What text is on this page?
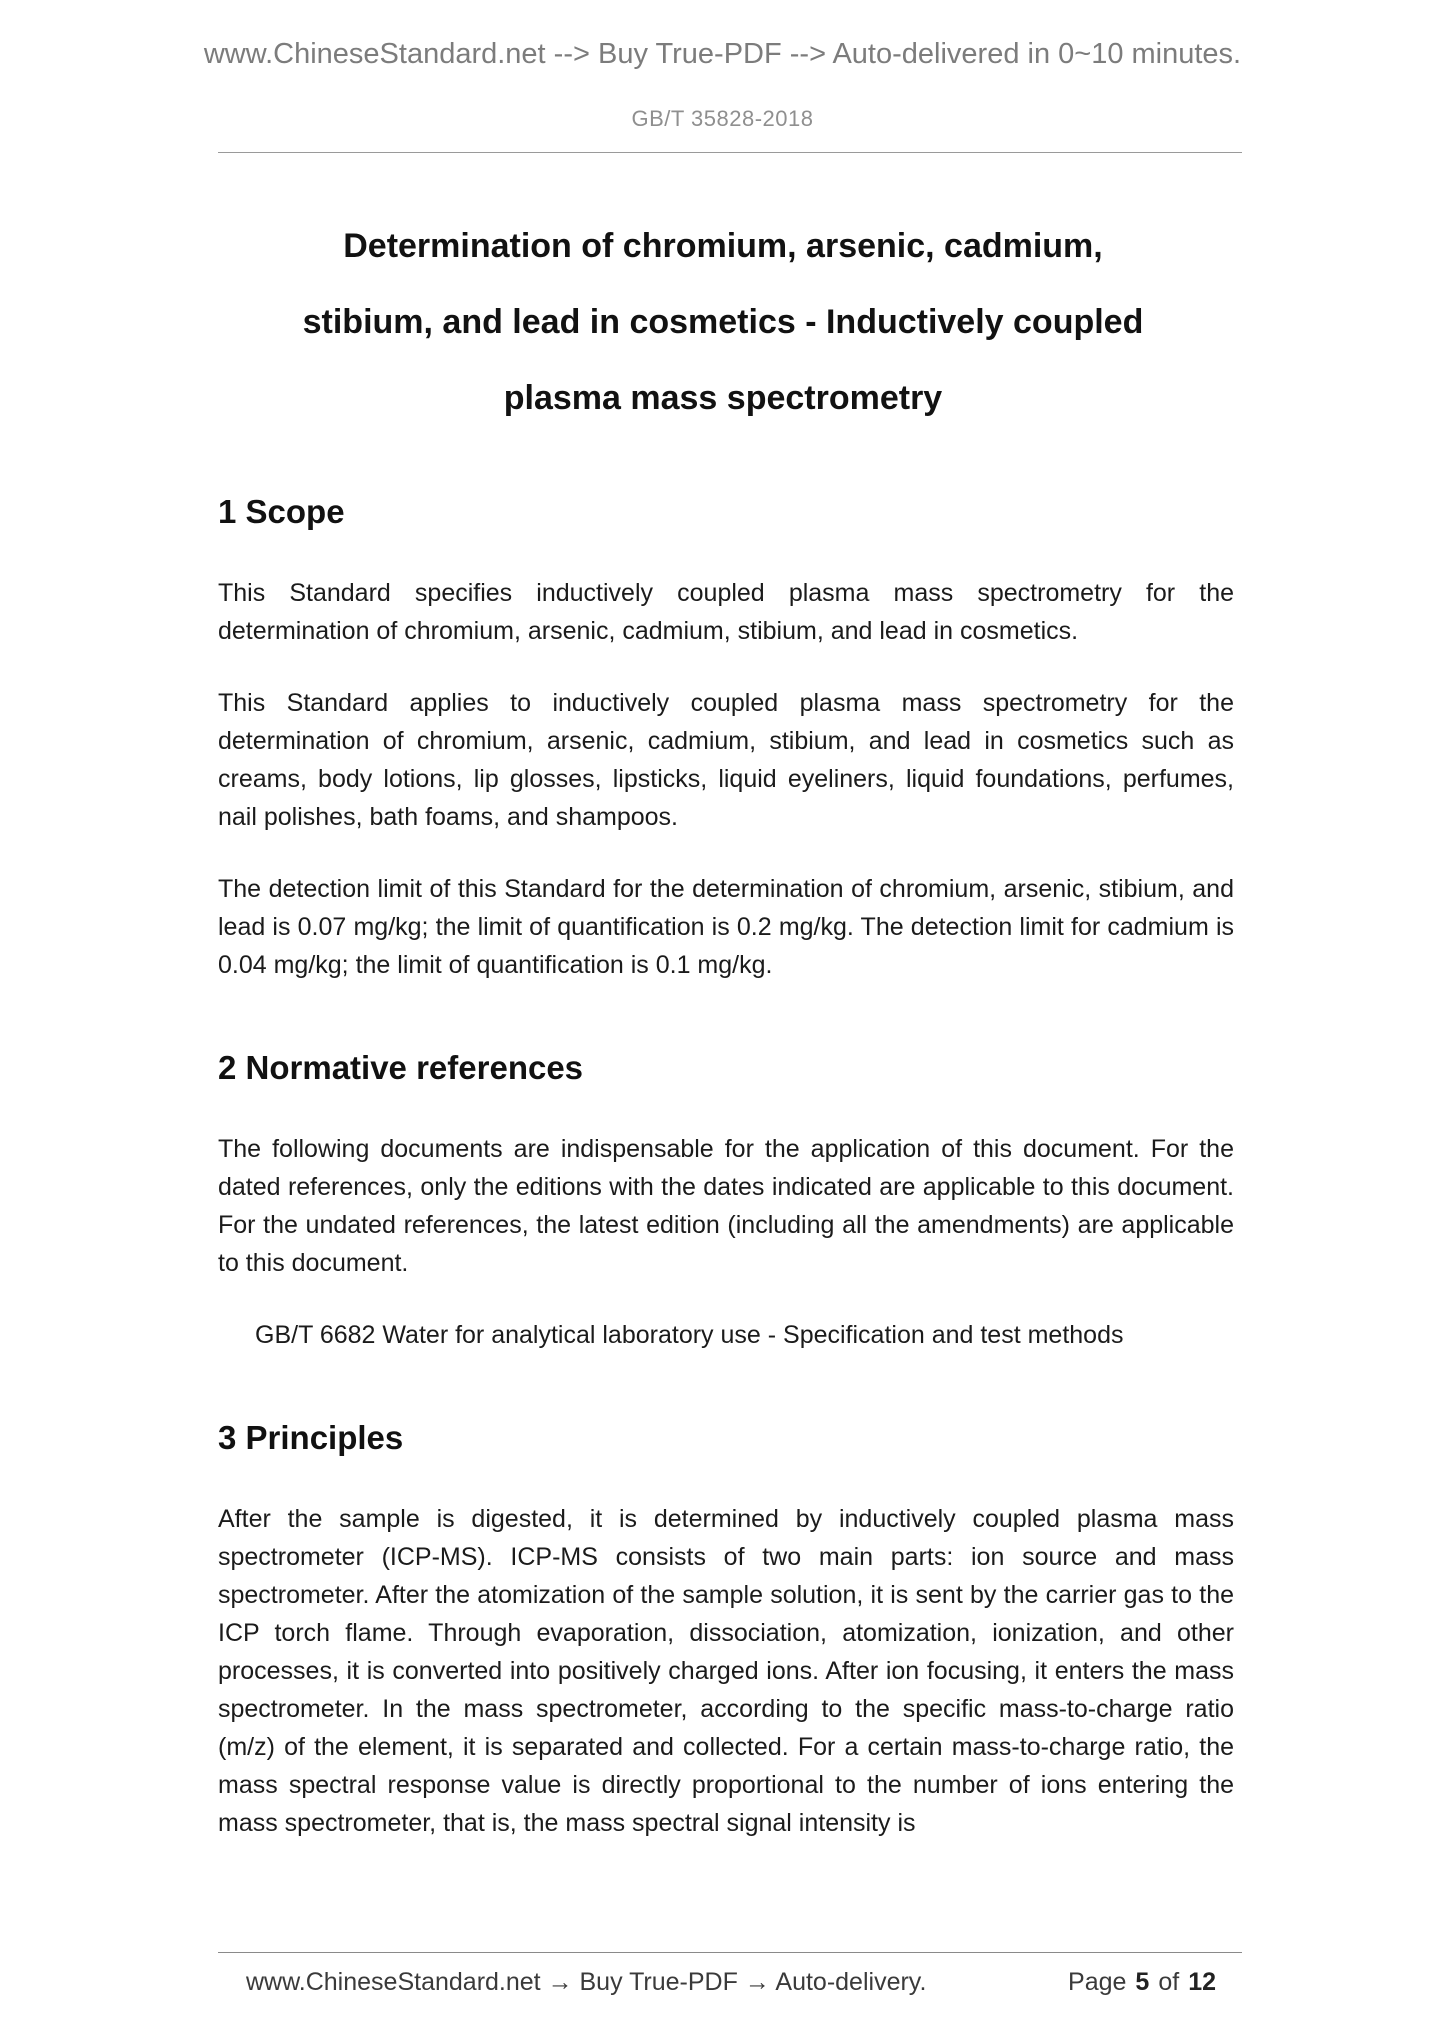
www.ChineseStandard.net --> Buy True-PDF --> Auto-delivered in 0~10 minutes.
GB/T 35828-2018
Determination of chromium, arsenic, cadmium,
stibium, and lead in cosmetics - Inductively coupled
plasma mass spectrometry
1 Scope

This Standard specifies inductively coupled plasma mass spectrometry for the determination of chromium, arsenic, cadmium, stibium, and lead in cosmetics.

This Standard applies to inductively coupled plasma mass spectrometry for the determination of chromium, arsenic, cadmium, stibium, and lead in cosmetics such as creams, body lotions, lip glosses, lipsticks, liquid eyeliners, liquid foundations, perfumes, nail polishes, bath foams, and shampoos.

The detection limit of this Standard for the determination of chromium, arsenic, stibium, and lead is 0.07 mg/kg; the limit of quantification is 0.2 mg/kg. The detection limit for cadmium is 0.04 mg/kg; the limit of quantification is 0.1 mg/kg.

2 Normative references

The following documents are indispensable for the application of this document. For the dated references, only the editions with the dates indicated are applicable to this document. For the undated references, the latest edition (including all the amendments) are applicable to this document.

GB/T 6682 Water for analytical laboratory use - Specification and test methods

3 Principles

After the sample is digested, it is determined by inductively coupled plasma mass spectrometer (ICP-MS). ICP-MS consists of two main parts: ion source and mass spectrometer. After the atomization of the sample solution, it is sent by the carrier gas to the ICP torch flame. Through evaporation, dissociation, atomization, ionization, and other processes, it is converted into positively charged ions. After ion focusing, it enters the mass spectrometer. In the mass spectrometer, according to the specific mass-to-charge ratio (m/z) of the element, it is separated and collected. For a certain mass-to-charge ratio, the mass spectral response value is directly proportional to the number of ions entering the mass spectrometer, that is, the mass spectral signal intensity is

www.ChineseStandard.net → Buy True-PDF → Auto-delivery.	Page 5 of 12
